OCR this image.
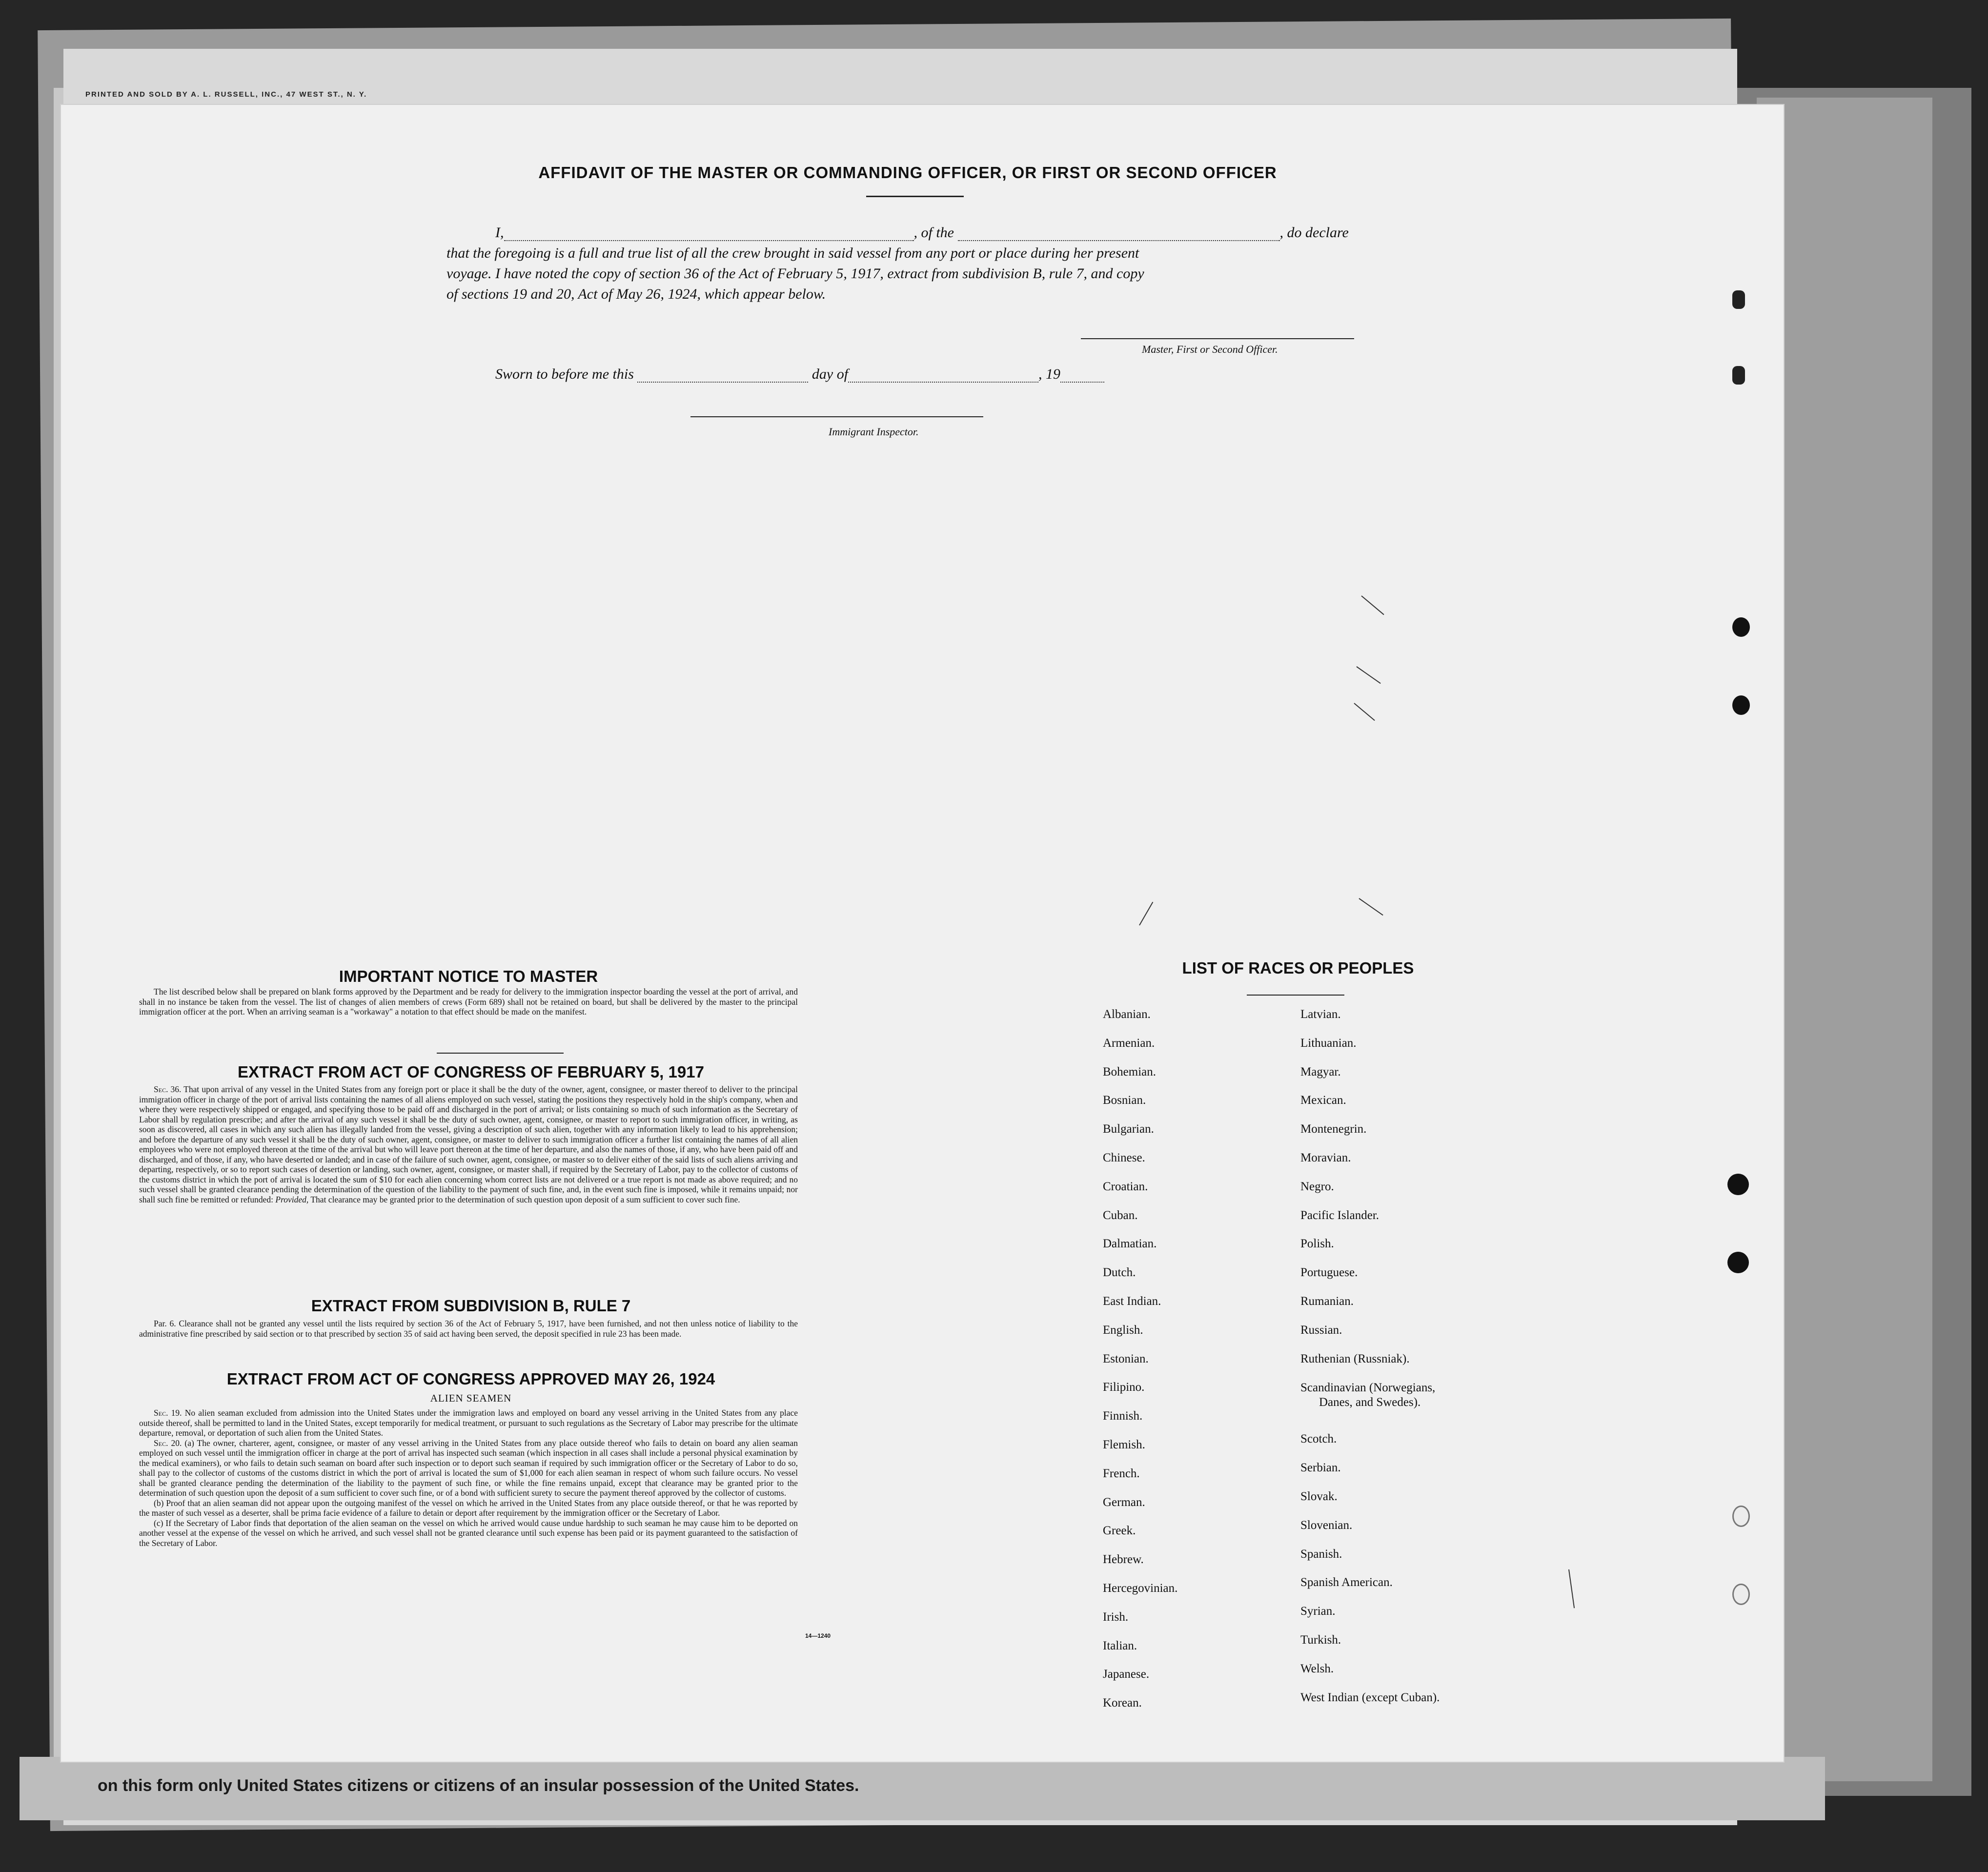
on this form only United States citizens or citizens of an insular possession of the United States.
PRINTED AND SOLD BY A. L. RUSSELL, INC., 47 WEST ST., N. Y.

AFFIDAVIT OF THE MASTER OR COMMANDING OFFICER, OR FIRST OR SECOND OFFICER
I,	, of the	, do declare
that the foregoing is a full and true list of all the crew brought in said vessel from any port or place during her present
voyage. I have noted the copy of section 36 of the Act of February 5, 1917, extract from subdivision B, rule 7, and copy
of sections 19 and 20, Act of May 26, 1924, which appear below.
Master, First or Second Officer.
Sworn to before me this	day of	, 19
Immigrant Inspector.
IMPORTANT NOTICE TO MASTER

The list described below shall be prepared on blank forms approved by the Department and be ready for delivery to the immigration inspector boarding the vessel at the port of arrival, and shall in no instance be taken from the vessel. The list of changes of alien members of crews (Form 689) shall not be retained on board, but shall be delivered by the master to the principal immigration officer at the port. When an arriving seaman is a "workaway" a notation to that effect should be made on the manifest.

EXTRACT FROM ACT OF CONGRESS OF FEBRUARY 5, 1917

Sec. 36. That upon arrival of any vessel in the United States from any foreign port or place it shall be the duty of the owner, agent, consignee, or master thereof to deliver to the principal immigration officer in charge of the port of arrival lists containing the names of all aliens employed on such vessel, stating the positions they respectively hold in the ship's company, when and where they were respectively shipped or engaged, and specifying those to be paid off and discharged in the port of arrival; or lists containing so much of such information as the Secretary of Labor shall by regulation prescribe; and after the arrival of any such vessel it shall be the duty of such owner, agent, consignee, or master to report to such immigration officer, in writing, as soon as discovered, all cases in which any such alien has illegally landed from the vessel, giving a description of such alien, together with any information likely to lead to his apprehension; and before the departure of any such vessel it shall be the duty of such owner, agent, consignee, or master to deliver to such immigration officer a further list containing the names of all alien employees who were not employed thereon at the time of the arrival but who will leave port thereon at the time of her departure, and also the names of those, if any, who have been paid off and discharged, and of those, if any, who have deserted or landed; and in case of the failure of such owner, agent, consignee, or master so to deliver either of the said lists of such aliens arriving and departing, respectively, or so to report such cases of desertion or landing, such owner, agent, consignee, or master shall, if required by the Secretary of Labor, pay to the collector of customs of the customs district in which the port of arrival is located the sum of $10 for each alien concerning whom correct lists are not delivered or a true report is not made as above required; and no such vessel shall be granted clearance pending the determination of the question of the liability to the payment of such fine, and, in the event such fine is imposed, while it remains unpaid; nor shall such fine be remitted or refunded: Provided, That clearance may be granted prior to the determination of such question upon deposit of a sum sufficient to cover such fine.

EXTRACT FROM SUBDIVISION B, RULE 7

Par. 6. Clearance shall not be granted any vessel until the lists required by section 36 of the Act of February 5, 1917, have been furnished, and not then unless notice of liability to the administrative fine prescribed by said section or to that prescribed by section 35 of said act having been served, the deposit specified in rule 23 has been made.

EXTRACT FROM ACT OF CONGRESS APPROVED MAY 26, 1924
ALIEN SEAMEN

Sec. 19. No alien seaman excluded from admission into the United States under the immigration laws and employed on board any vessel arriving in the United States from any place outside thereof, shall be permitted to land in the United States, except temporarily for medical treatment, or pursuant to such regulations as the Secretary of Labor may prescribe for the ultimate departure, removal, or deportation of such alien from the United States.

Sec. 20. (a) The owner, charterer, agent, consignee, or master of any vessel arriving in the United States from any place outside thereof who fails to detain on board any alien seaman employed on such vessel until the immigration officer in charge at the port of arrival has inspected such seaman (which inspection in all cases shall include a personal physical examination by the medical examiners), or who fails to detain such seaman on board after such inspection or to deport such seaman if required by such immigration officer or the Secretary of Labor to do so, shall pay to the collector of customs of the customs district in which the port of arrival is located the sum of $1,000 for each alien seaman in respect of whom such failure occurs. No vessel shall be granted clearance pending the determination of the liability to the payment of such fine, or while the fine remains unpaid, except that clearance may be granted prior to the determination of such question upon the deposit of a sum sufficient to cover such fine, or of a bond with sufficient surety to secure the payment thereof approved by the collector of customs.

(b) Proof that an alien seaman did not appear upon the outgoing manifest of the vessel on which he arrived in the United States from any place outside thereof, or that he was reported by the master of such vessel as a deserter, shall be prima facie evidence of a failure to detain or deport after requirement by the immigration officer or the Secretary of Labor.

(c) If the Secretary of Labor finds that deportation of the alien seaman on the vessel on which he arrived would cause undue hardship to such seaman he may cause him to be deported on another vessel at the expense of the vessel on which he arrived, and such vessel shall not be granted clearance until such expense has been paid or its payment guaranteed to the satisfaction of the Secretary of Labor.

14—1240
LIST OF RACES OR PEOPLES
Albanian.
Armenian.
Bohemian.
Bosnian.
Bulgarian.
Chinese.
Croatian.
Cuban.
Dalmatian.
Dutch.
East Indian.
English.
Estonian.
Filipino.
Finnish.
Flemish.
French.
German.
Greek.
Hebrew.
Hercegovinian.
Irish.
Italian.
Japanese.
Korean.
Latvian.
Lithuanian.
Magyar.
Mexican.
Montenegrin.
Moravian.
Negro.
Pacific Islander.
Polish.
Portuguese.
Rumanian.
Russian.
Ruthenian (Russniak).
Scandinavian (Norwegians,
Danes, and Swedes).
Scotch.
Serbian.
Slovak.
Slovenian.
Spanish.
Spanish American.
Syrian.
Turkish.
Welsh.
West Indian (except Cuban).
